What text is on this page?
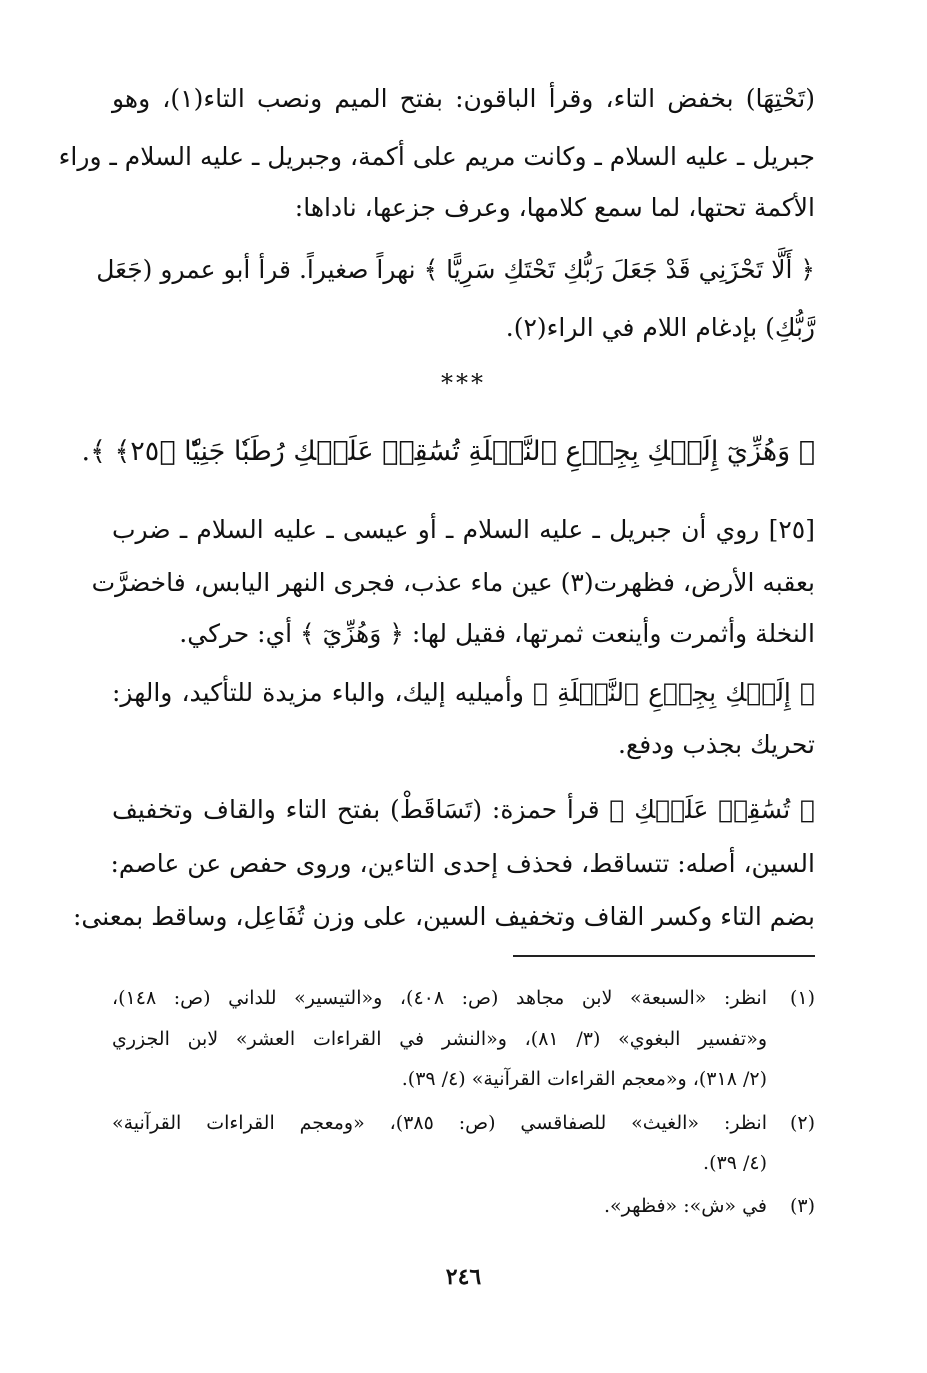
(تَحْتِهَا) بخفض التاء، وقرأ الباقون: بفتح الميم ونصب التاء(١)، وهو
جبريل ـ عليه السلام ـ وكانت مريم على أكمة، وجبريل ـ عليه السلام ـ وراء
الأكمة تحتها، لما سمع كلامها، وعرف جزعها، ناداها:
﴿ أَلَّا تَحْزَنِي قَدْ جَعَلَ رَبُّكِ تَحْتَكِ سَرِيًّا ﴾ نهراً صغيراً. قرأ أبو عمرو (جَعَل
رَّبُّكِ) بإدغام اللام في الراء(٢).
***
﴿ وَهُزِّيٓ إِلَيۡكِ بِجِذۡعِ ٱلنَّخۡلَةِ تُسَٰقِطۡ عَلَيۡكِ رُطَبٗا جَنِيّٗا ﴿٢٥﴾ ﴾.
[٢٥] روي أن جبريل ـ عليه السلام ـ أو عيسى ـ عليه السلام ـ ضرب
بعقبه الأرض، فظهرت(٣) عين ماء عذب، فجرى النهر اليابس، فاخضرَّت
النخلة وأثمرت وأينعت ثمرتها، فقيل لها: ﴿ وَهُزِّيٓ ﴾ أي: حركي.
﴿ إِلَيۡكِ بِجِذۡعِ ٱلنَّخۡلَةِ ﴾ وأميليه إليك، والباء مزيدة للتأكيد، والهز:
تحريك بجذب ودفع.
﴿ تُسَٰقِطۡ عَلَيۡكِ ﴾ قرأ حمزة: (تَسَاقَطْ) بفتح التاء والقاف وتخفيف
السين، أصله: تتساقط، فحذف إحدى التاءين، وروى حفص عن عاصم:
بضم التاء وكسر القاف وتخفيف السين، على وزن تُفَاعِل، وساقط بمعنى:
(١)
انظر: «السبعة» لابن مجاهد (ص: ٤٠٨)، و«التيسير» للداني (ص: ١٤٨)،
و«تفسير البغوي» (٣/ ٨١)، و«النشر في القراءات العشر» لابن الجزري
(٢/ ٣١٨)، و«معجم القراءات القرآنية» (٤/ ٣٩).
(٢)
انظر: «الغيث» للصفاقسي (ص: ٣٨٥)، «ومعجم القراءات القرآنية»
(٤/ ٣٩).
(٣)
في «ش»: «فظهر».
٢٤٦
